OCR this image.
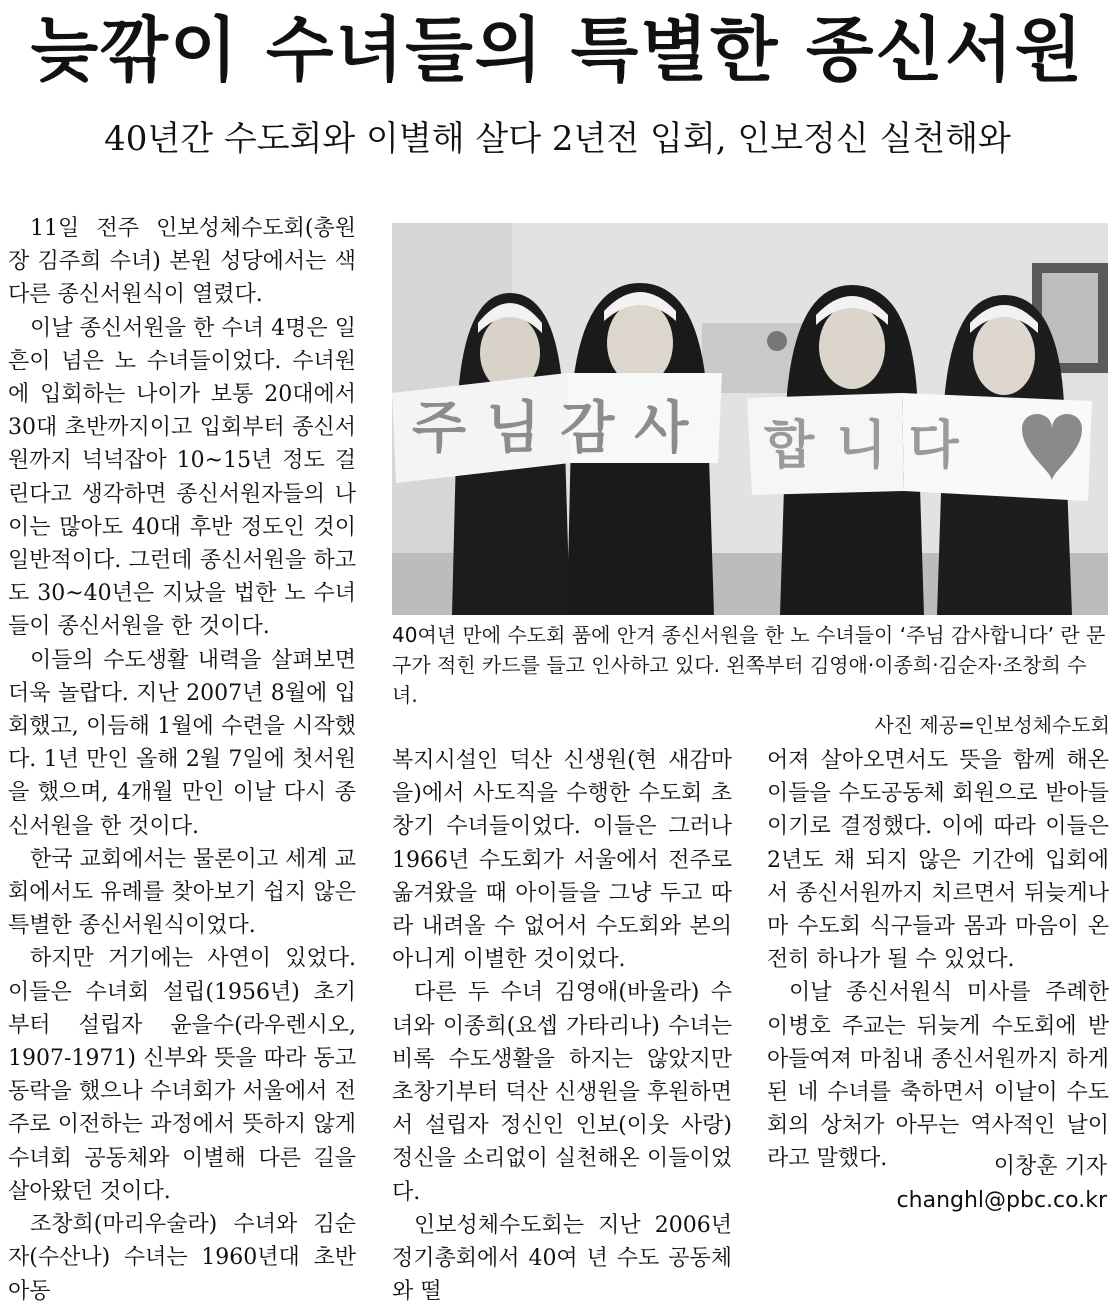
늦깎이 수녀들의 특별한 종신서원
40년간 수도회와 이별해 살다 2년전 입회, 인보정신 실천해와

11일 전주 인보성체수도회(총원장 김주희 수녀) 본원 성당에서는 색다른 종신서원식이 열렸다.

이날 종신서원을 한 수녀 4명은 일흔이 넘은 노 수녀들이었다. 수녀원에 입회하는 나이가 보통 20대에서 30대 초반까지이고 입회부터 종신서원까지 넉넉잡아 10~15년 정도 걸린다고 생각하면 종신서원자들의 나이는 많아도 40대 후반 정도인 것이 일반적이다. 그런데 종신서원을 하고도 30~40년은 지났을 법한 노 수녀들이 종신서원을 한 것이다.

이들의 수도생활 내력을 살펴보면 더욱 놀랍다. 지난 2007년 8월에 입회했고, 이듬해 1월에 수련을 시작했다. 1년 만인 올해 2월 7일에 첫서원을 했으며, 4개월 만인 이날 다시 종신서원을 한 것이다.

한국 교회에서는 물론이고 세계 교회에서도 유례를 찾아보기 쉽지 않은 특별한 종신서원식이었다.

하지만 거기에는 사연이 있었다. 이들은 수녀회 설립(1956년) 초기부터 설립자 윤을수(라우렌시오, 1907-1971) 신부와 뜻을 따라 동고동락을 했으나 수녀회가 서울에서 전주로 이전하는 과정에서 뜻하지 않게 수녀회 공동체와 이별해 다른 길을 살아왔던 것이다.

조창희(마리우술라) 수녀와 김순자(수산나) 수녀는 1960년대 초반 아동

주님감사 합니다
40여년 만에 수도회 품에 안겨 종신서원을 한 노 수녀들이 ‘주님 감사합니다’ 란 문구가 적힌 카드를 들고 인사하고 있다. 왼쪽부터 김영애·이종희·김순자·조창희 수녀.
사진 제공=인보성체수도회

복지시설인 덕산 신생원(현 새감마을)에서 사도직을 수행한 수도회 초창기 수녀들이었다. 이들은 그러나 1966년 수도회가 서울에서 전주로 옮겨왔을 때 아이들을 그냥 두고 따라 내려올 수 없어서 수도회와 본의 아니게 이별한 것이었다.

다른 두 수녀 김영애(바울라) 수녀와 이종희(요셉 가타리나) 수녀는 비록 수도생활을 하지는 않았지만 초창기부터 덕산 신생원을 후원하면서 설립자 정신인 인보(이웃 사랑) 정신을 소리없이 실천해온 이들이었다.

인보성체수도회는 지난 2006년 정기총회에서 40여 년 수도 공동체와 떨

어져 살아오면서도 뜻을 함께 해온 이들을 수도공동체 회원으로 받아들이기로 결정했다. 이에 따라 이들은 2년도 채 되지 않은 기간에 입회에서 종신서원까지 치르면서 뒤늦게나마 수도회 식구들과 몸과 마음이 온전히 하나가 될 수 있었다.

이날 종신서원식 미사를 주례한 이병호 주교는 뒤늦게 수도회에 받아들여져 마침내 종신서원까지 하게 된 네 수녀를 축하면서 이날이 수도회의 상처가 아무는 역사적인 날이라고 말했다.	이창훈 기자
changhl@pbc.co.kr
